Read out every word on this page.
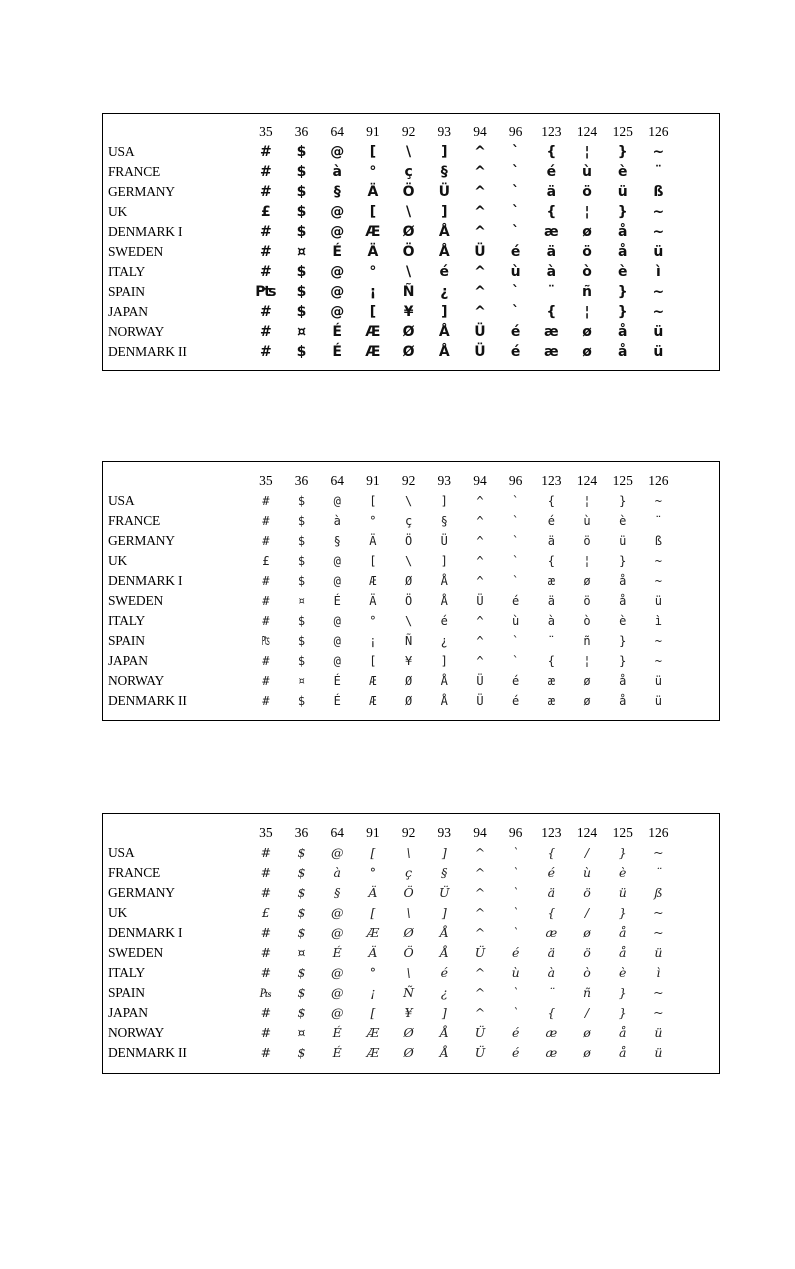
	35	36	64	91	92	93	94	96	123	124	125	126
USA	#	$	@	[	\	]	^	`	{	¦	}	~
FRANCE	#	$	à	°	ç	§	^	`	é	ù	è	¨
GERMANY	#	$	§	Ä	Ö	Ü	^	`	ä	ö	ü	ß
UK	£	$	@	[	\	]	^	`	{	¦	}	~
DENMARK I	#	$	@	Æ	Ø	Å	^	`	æ	ø	å	~
SWEDEN	#	¤	É	Ä	Ö	Å	Ü	é	ä	ö	å	ü
ITALY	#	$	@	°	\	é	^	ù	à	ò	è	ì
SPAIN	₧	$	@	¡	Ñ	¿	^	`	¨	ñ	}	~
JAPAN	#	$	@	[	¥	]	^	`	{	¦	}	~
NORWAY	#	¤	É	Æ	Ø	Å	Ü	é	æ	ø	å	ü
DENMARK II	#	$	É	Æ	Ø	Å	Ü	é	æ	ø	å	ü
	35	36	64	91	92	93	94	96	123	124	125	126
USA	#	$	@	[	\	]	^	`	{	¦	}	~
FRANCE	#	$	à	°	ç	§	^	`	é	ù	è	¨
GERMANY	#	$	§	Ä	Ö	Ü	^	`	ä	ö	ü	ß
UK	£	$	@	[	\	]	^	`	{	¦	}	~
DENMARK I	#	$	@	Æ	Ø	Å	^	`	æ	ø	å	~
SWEDEN	#	¤	É	Ä	Ö	Å	Ü	é	ä	ö	å	ü
ITALY	#	$	@	°	\	é	^	ù	à	ò	è	ì
SPAIN	₧	$	@	¡	Ñ	¿	^	`	¨	ñ	}	~
JAPAN	#	$	@	[	¥	]	^	`	{	¦	}	~
NORWAY	#	¤	É	Æ	Ø	Å	Ü	é	æ	ø	å	ü
DENMARK II	#	$	É	Æ	Ø	Å	Ü	é	æ	ø	å	ü
	35	36	64	91	92	93	94	96	123	124	125	126
USA	#	$	@	[	\	]	^	`	{	/	}	~
FRANCE	#	$	à	°	ç	§	^	`	é	ù	è	¨
GERMANY	#	$	§	Ä	Ö	Ü	^	`	ä	ö	ü	ß
UK	£	$	@	[	\	]	^	`	{	/	}	~
DENMARK I	#	$	@	Æ	Ø	Å	^	`	æ	ø	å	~
SWEDEN	#	¤	É	Ä	Ö	Å	Ü	é	ä	ö	å	ü
ITALY	#	$	@	°	\	é	^	ù	à	ò	è	ì
SPAIN	₧	$	@	¡	Ñ	¿	^	`	¨	ñ	}	~
JAPAN	#	$	@	[	¥	]	^	`	{	/	}	~
NORWAY	#	¤	É	Æ	Ø	Å	Ü	é	æ	ø	å	ü
DENMARK II	#	$	É	Æ	Ø	Å	Ü	é	æ	ø	å	ü
